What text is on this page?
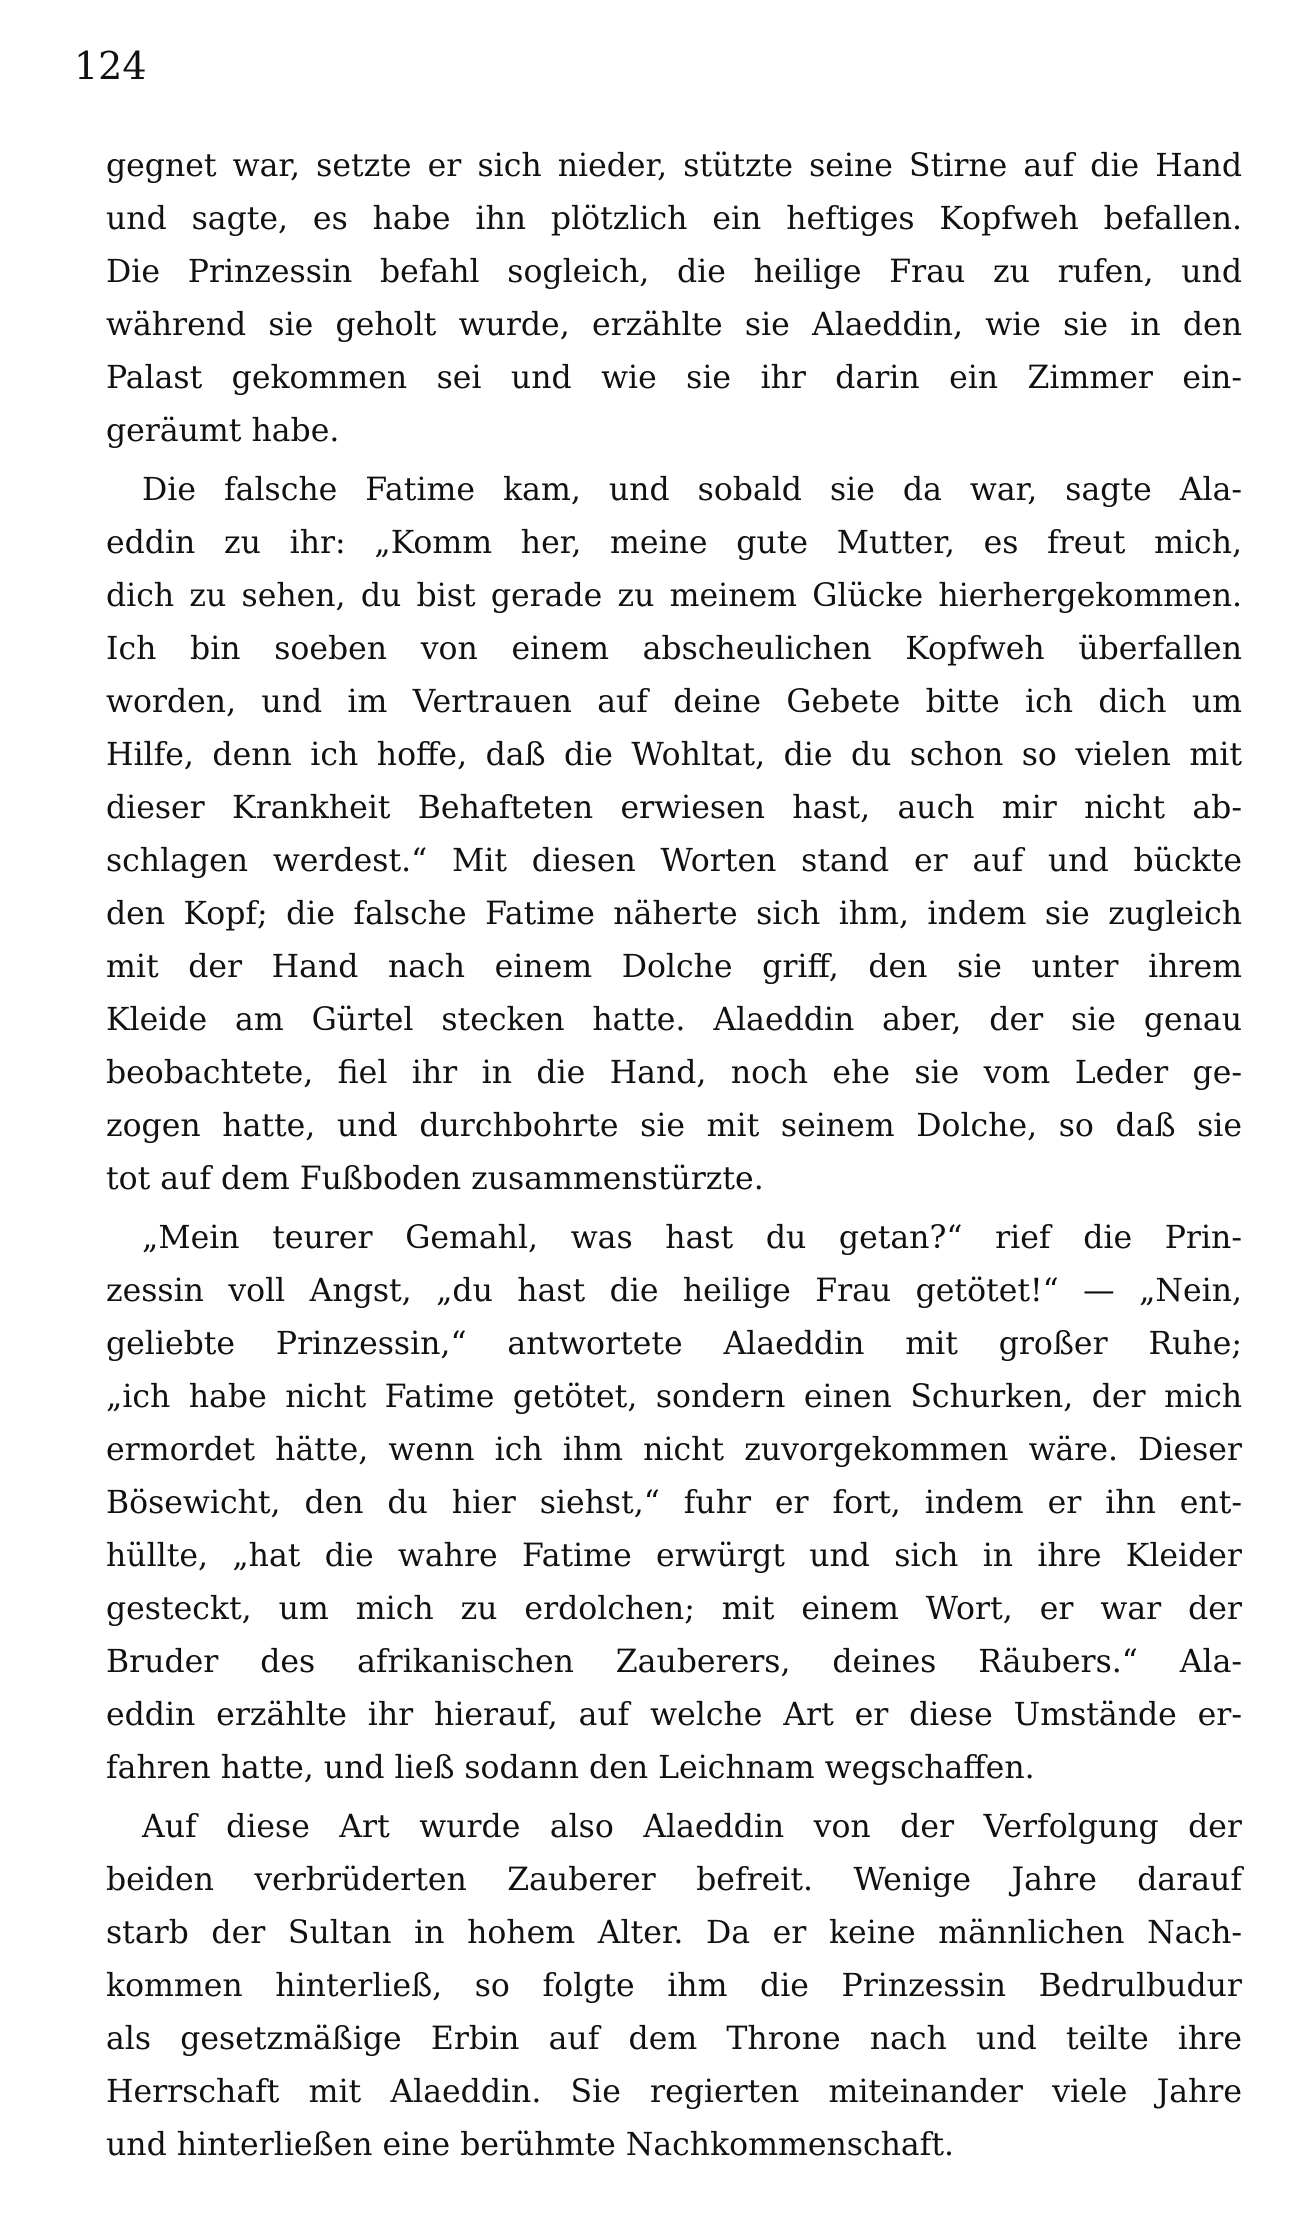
124

gegnet war, setzte er sich nieder, stützte seine Stirne auf die Hand
und sagte, es habe ihn plötzlich ein heftiges Kopfweh befallen.
Die Prinzessin befahl sogleich, die heilige Frau zu rufen, und
während sie geholt wurde, erzählte sie Alaeddin, wie sie in den
Palast gekommen sei und wie sie ihr darin ein Zimmer ein-
geräumt habe.
Die falsche Fatime kam, und sobald sie da war, sagte Ala-
eddin zu ihr: „Komm her, meine gute Mutter, es freut mich,
dich zu sehen, du bist gerade zu meinem Glücke hierhergekommen.
Ich bin soeben von einem abscheulichen Kopfweh überfallen
worden, und im Vertrauen auf deine Gebete bitte ich dich um
Hilfe, denn ich hoffe, daß die Wohltat, die du schon so vielen mit
dieser Krankheit Behafteten erwiesen hast, auch mir nicht ab-
schlagen werdest.“ Mit diesen Worten stand er auf und bückte
den Kopf; die falsche Fatime näherte sich ihm, indem sie zugleich
mit der Hand nach einem Dolche griff, den sie unter ihrem
Kleide am Gürtel stecken hatte. Alaeddin aber, der sie genau
beobachtete, fiel ihr in die Hand, noch ehe sie vom Leder ge-
zogen hatte, und durchbohrte sie mit seinem Dolche, so daß sie
tot auf dem Fußboden zusammenstürzte.
„Mein teurer Gemahl, was hast du getan?“ rief die Prin-
zessin voll Angst, „du hast die heilige Frau getötet!“ — „Nein,
geliebte Prinzessin,“ antwortete Alaeddin mit großer Ruhe;
„ich habe nicht Fatime getötet, sondern einen Schurken, der mich
ermordet hätte, wenn ich ihm nicht zuvorgekommen wäre. Dieser
Bösewicht, den du hier siehst,“ fuhr er fort, indem er ihn ent-
hüllte, „hat die wahre Fatime erwürgt und sich in ihre Kleider
gesteckt, um mich zu erdolchen; mit einem Wort, er war der
Bruder des afrikanischen Zauberers, deines Räubers.“ Ala-
eddin erzählte ihr hierauf, auf welche Art er diese Umstände er-
fahren hatte, und ließ sodann den Leichnam wegschaffen.
Auf diese Art wurde also Alaeddin von der Verfolgung der
beiden verbrüderten Zauberer befreit. Wenige Jahre darauf
starb der Sultan in hohem Alter. Da er keine männlichen Nach-
kommen hinterließ, so folgte ihm die Prinzessin Bedrulbudur
als gesetzmäßige Erbin auf dem Throne nach und teilte ihre
Herrschaft mit Alaeddin. Sie regierten miteinander viele Jahre
und hinterließen eine berühmte Nachkommenschaft.
